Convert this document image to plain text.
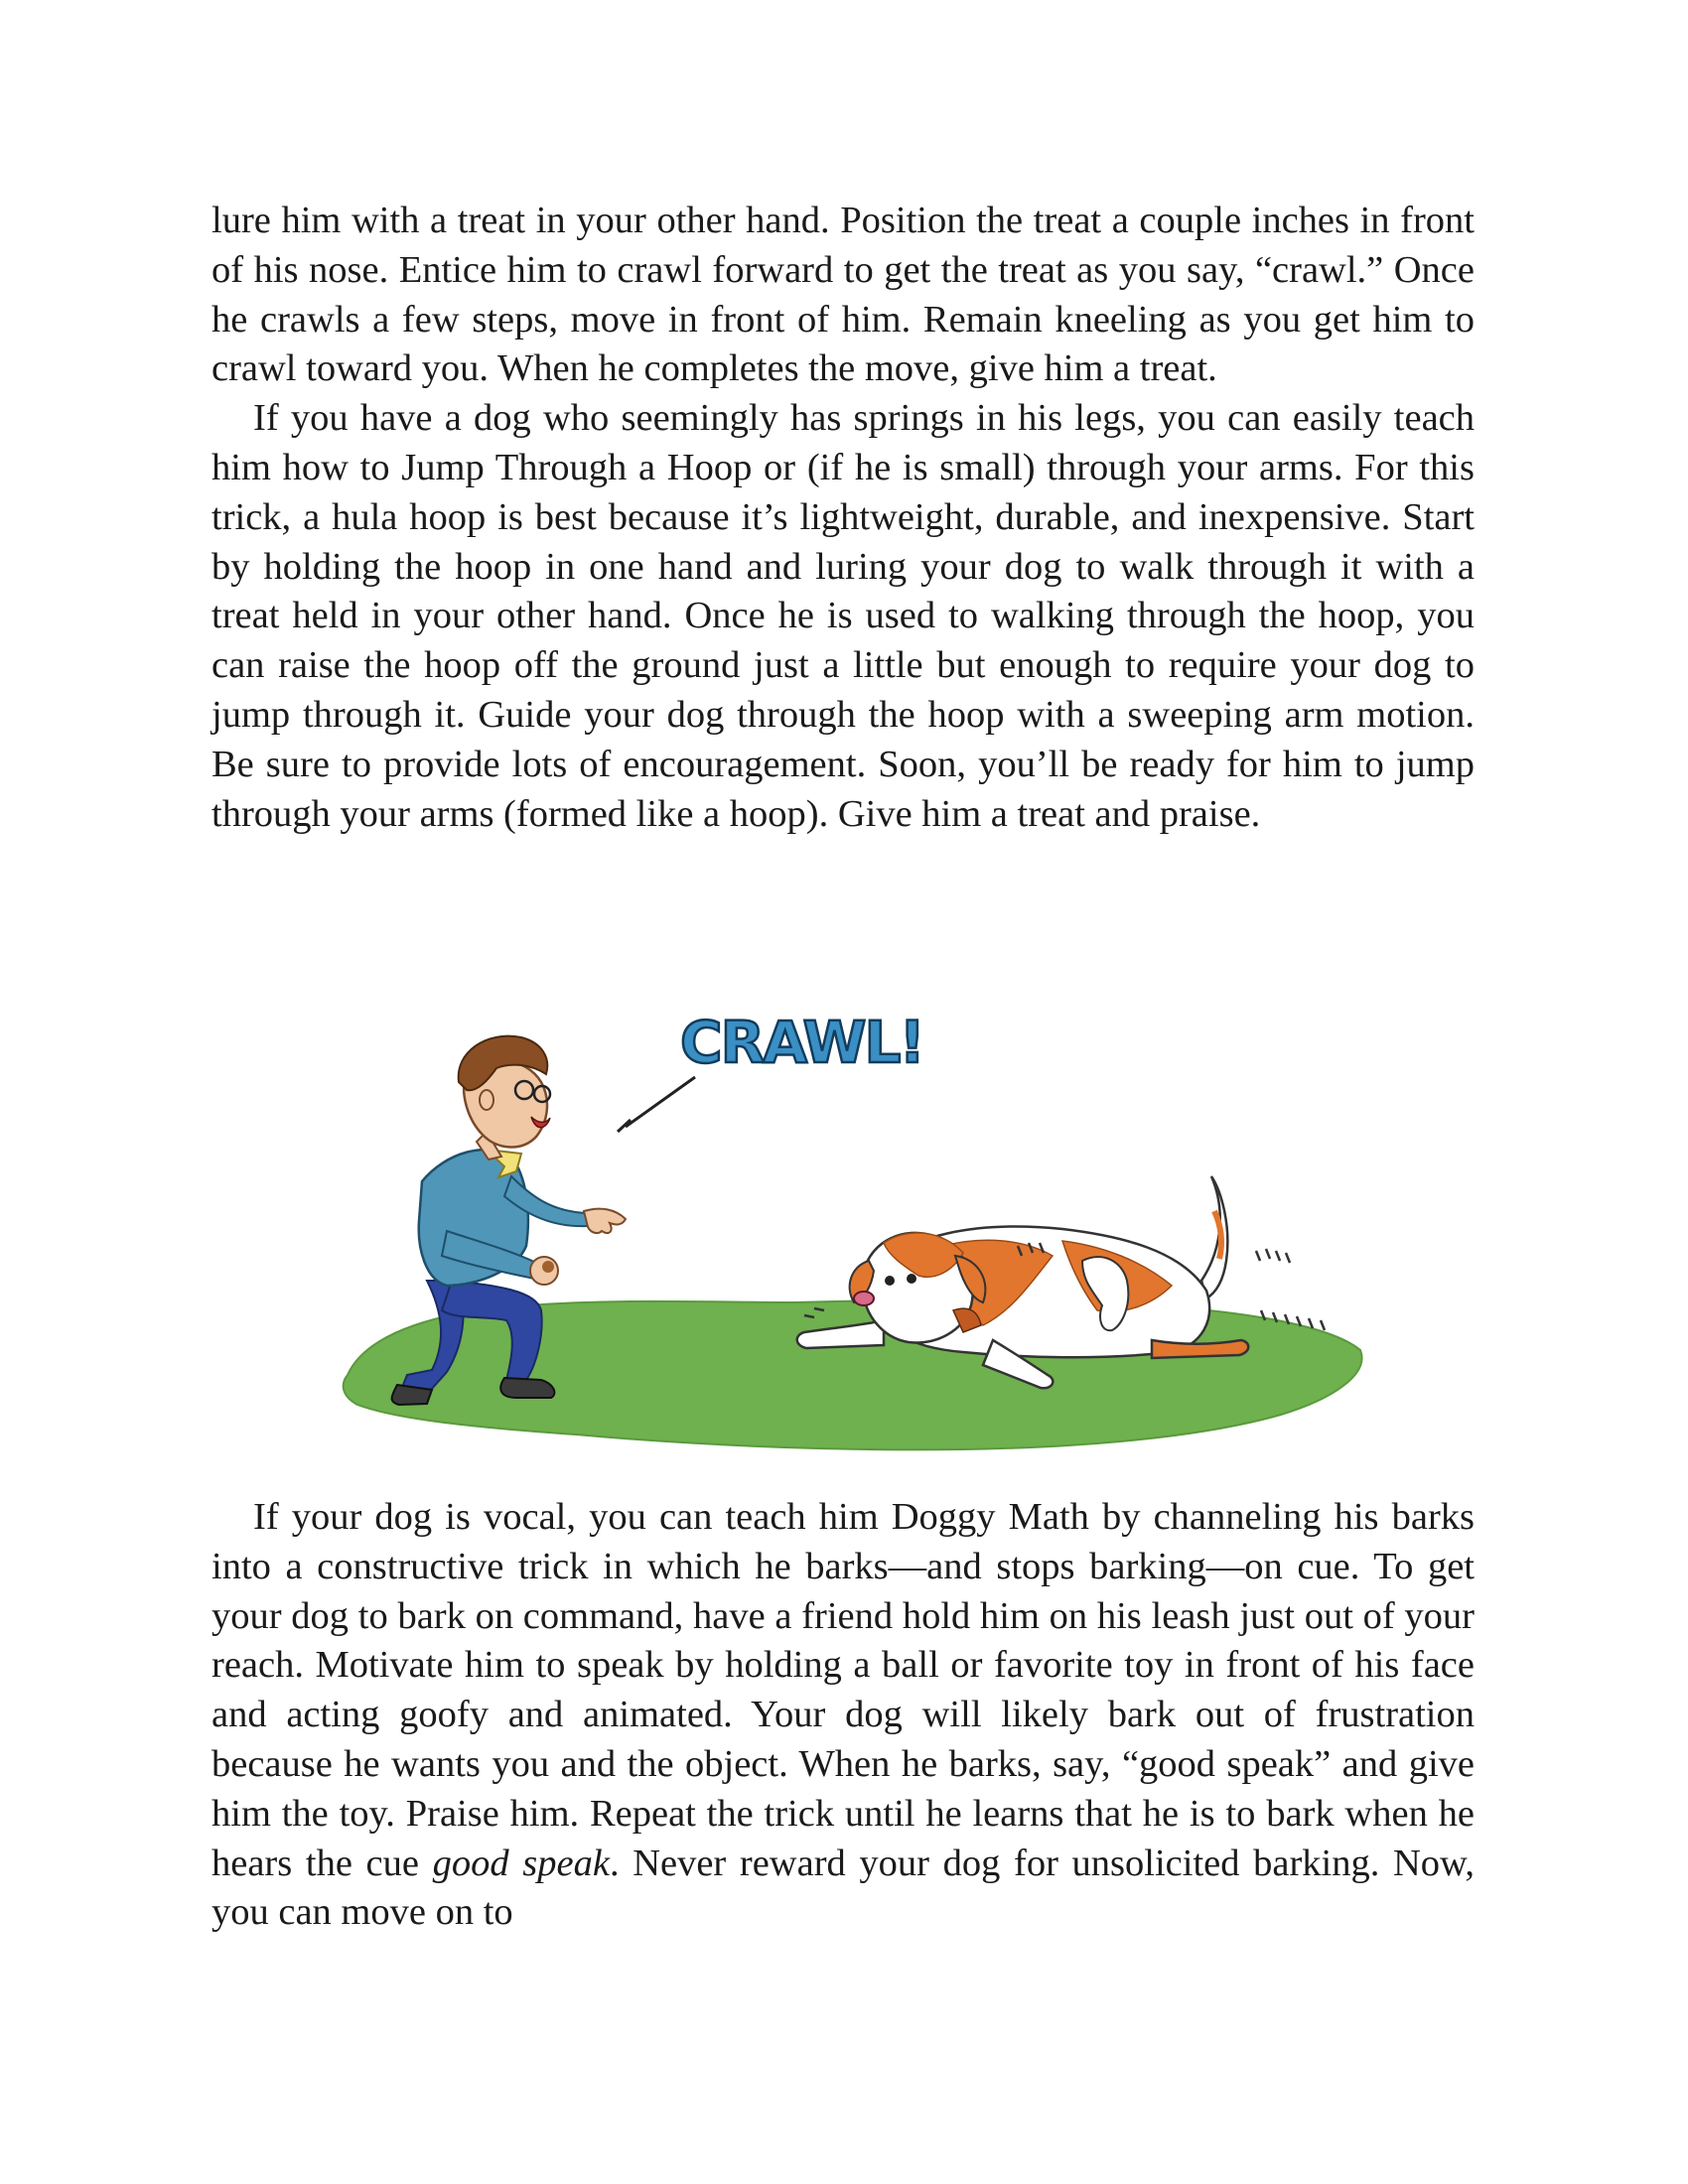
lure him with a treat in your other hand. Position the treat a couple inches in front of his nose. Entice him to crawl forward to get the treat as you say, “crawl.” Once he crawls a few steps, move in front of him. Remain kneeling as you get him to crawl toward you. When he completes the move, give him a treat.

If you have a dog who seemingly has springs in his legs, you can easily teach him how to Jump Through a Hoop or (if he is small) through your arms. For this trick, a hula hoop is best because it’s lightweight, durable, and inexpensive. Start by holding the hoop in one hand and luring your dog to walk through it with a treat held in your other hand. Once he is used to walking through the hoop, you can raise the hoop off the ground just a little but enough to require your dog to jump through it. Guide your dog through the hoop with a sweeping arm motion. Be sure to provide lots of encouragement. Soon, you’ll be ready for him to jump through your arms (formed like a hoop). Give him a treat and praise.

CRAWL!

If your dog is vocal, you can teach him Doggy Math by channeling his barks into a constructive trick in which he barks—and stops barking—on cue. To get your dog to bark on command, have a friend hold him on his leash just out of your reach. Motivate him to speak by holding a ball or favorite toy in front of his face and acting goofy and animated. Your dog will likely bark out of frustration because he wants you and the object. When he barks, say, “good speak” and give him the toy. Praise him. Repeat the trick until he learns that he is to bark when he hears the cue good speak. Never reward your dog for unsolicited barking. Now, you can move on to
